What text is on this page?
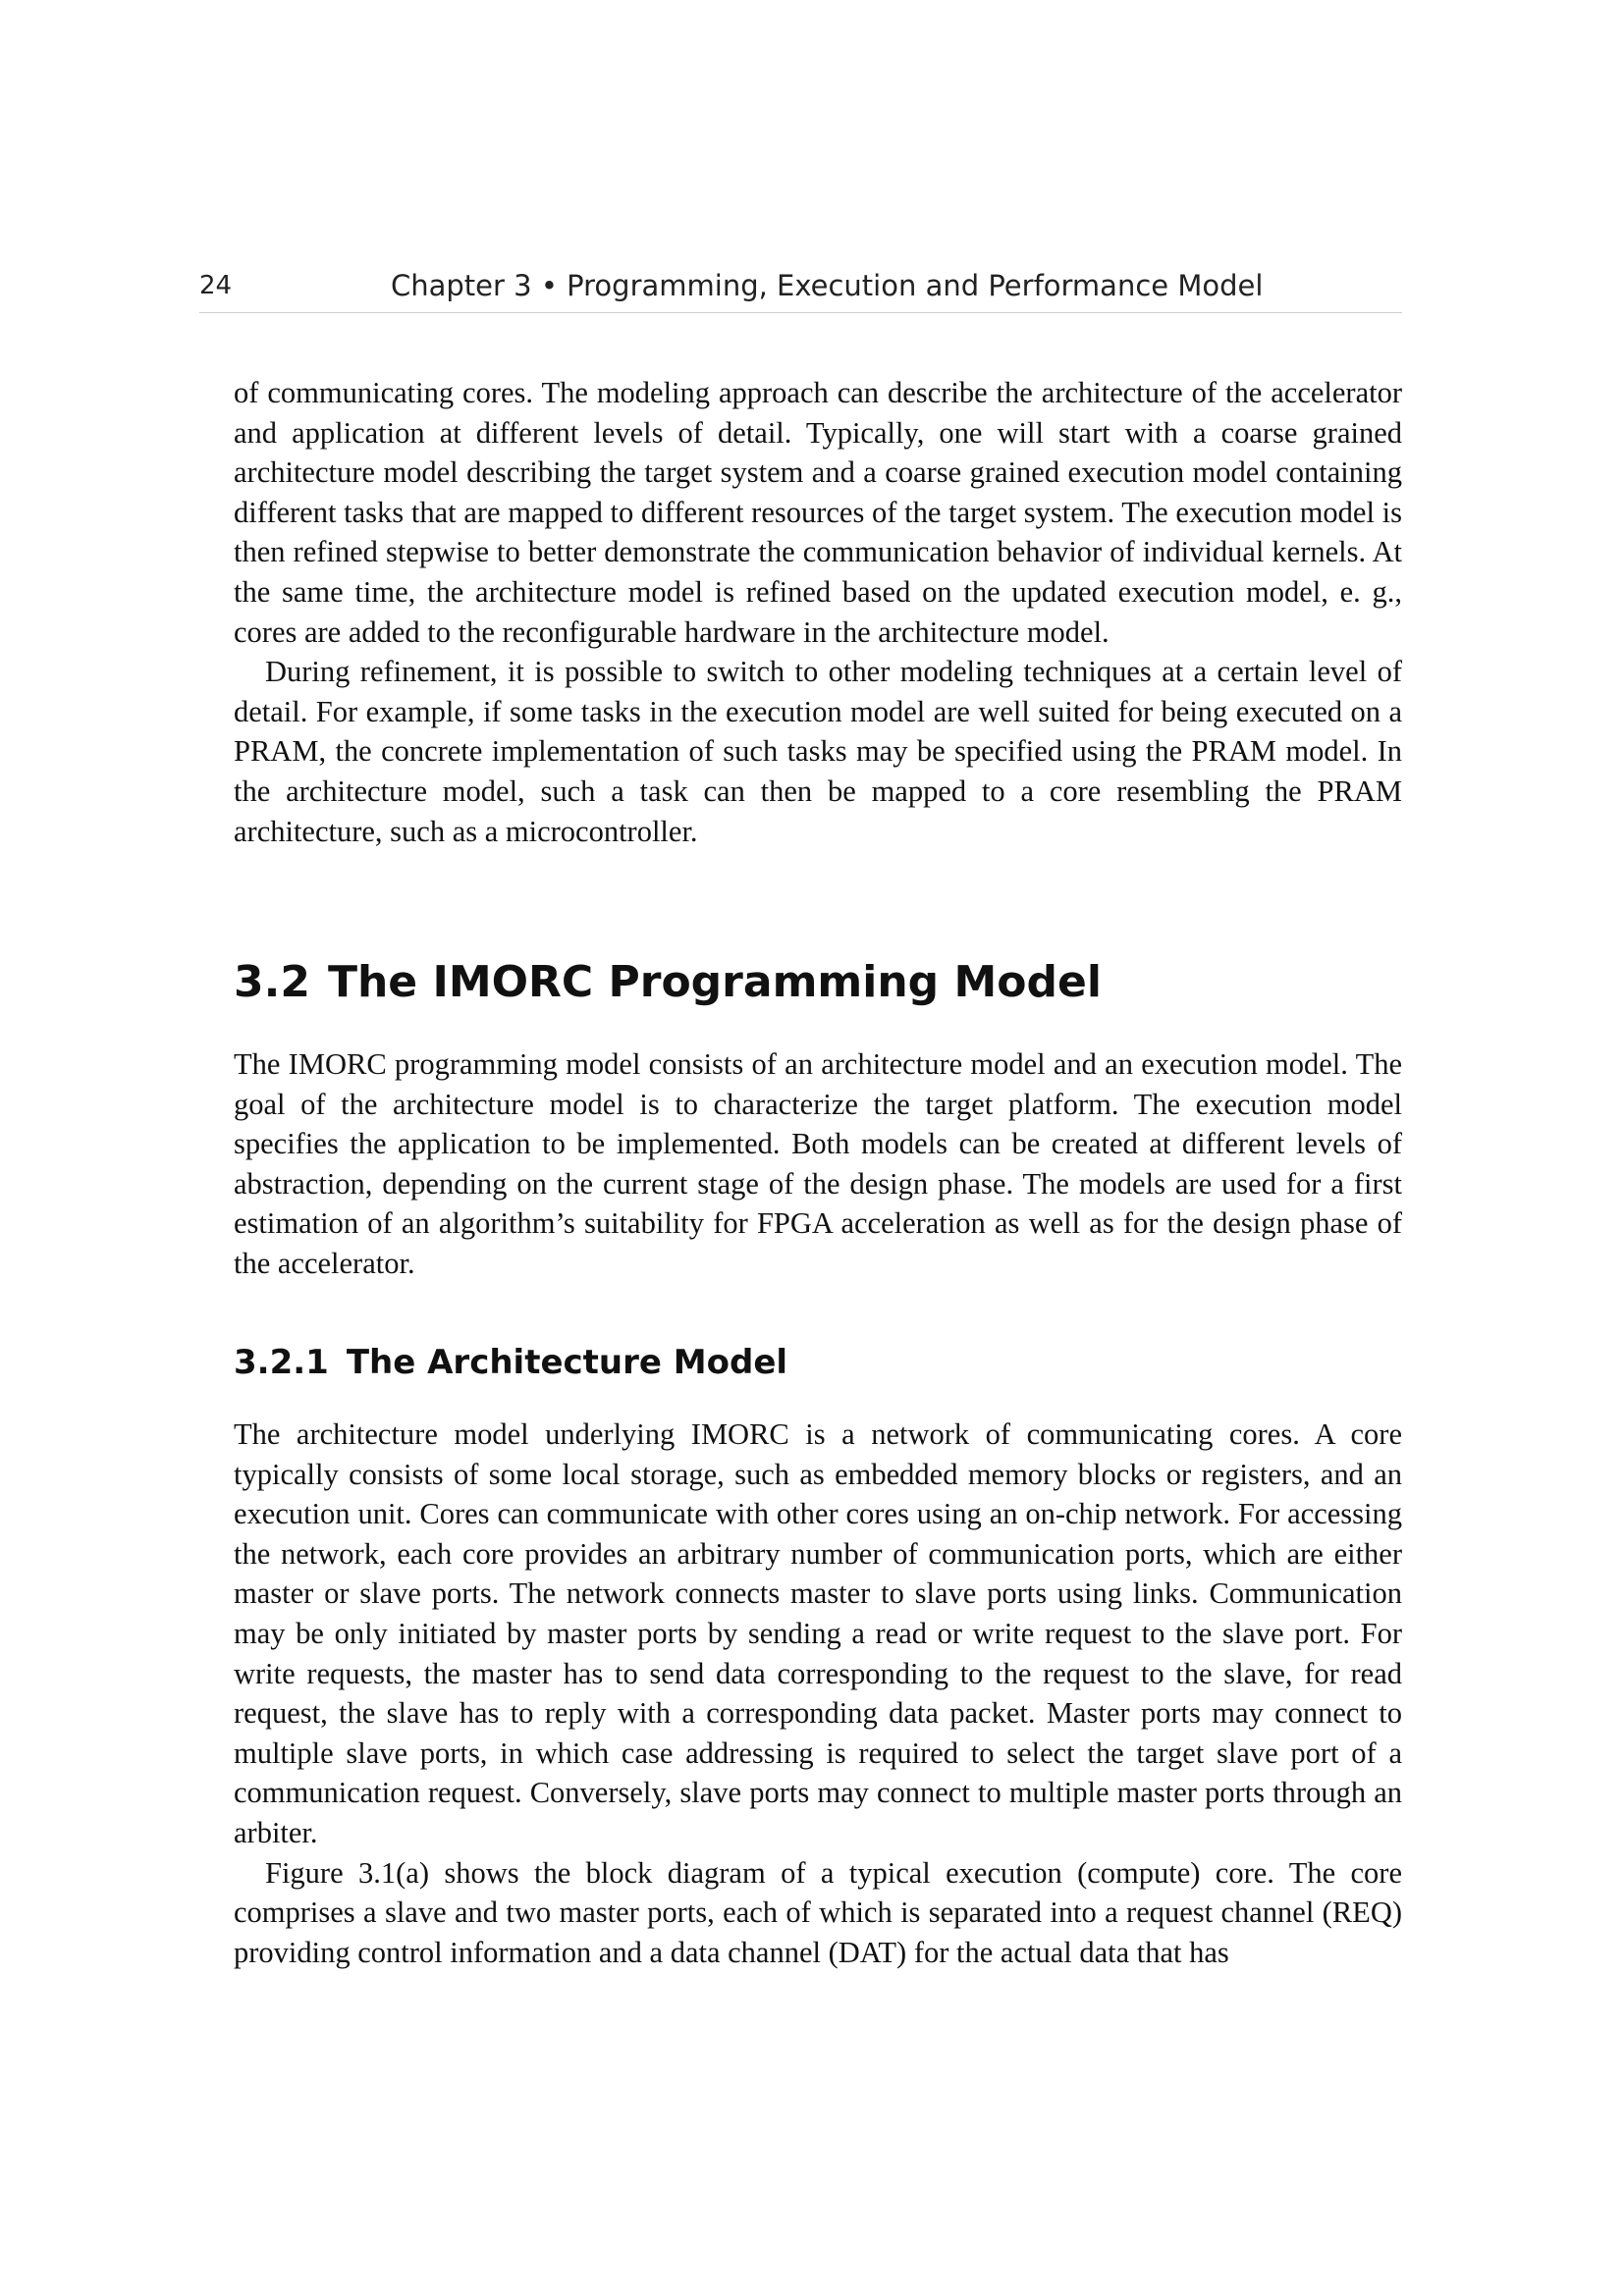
24	Chapter 3 • Programming, Execution and Performance Model

of communicating cores. The modeling approach can describe the architecture of the accelerator and application at different levels of detail. Typically, one will start with a coarse grained architecture model describing the target system and a coarse grained execution model containing different tasks that are mapped to different resources of the target system. The execution model is then refined stepwise to better demonstrate the communication behavior of individual kernels. At the same time, the architecture model is refined based on the updated execution model, e. g., cores are added to the reconfigurable hardware in the architecture model.

During refinement, it is possible to switch to other modeling techniques at a certain level of detail. For example, if some tasks in the execution model are well suited for being executed on a PRAM, the concrete implementation of such tasks may be specified using the PRAM model. In the architecture model, such a task can then be mapped to a core resembling the PRAM architecture, such as a microcontroller.

3.2 The IMORC Programming Model

The IMORC programming model consists of an architecture model and an execution model. The goal of the architecture model is to characterize the target platform. The execution model specifies the application to be implemented. Both models can be created at different levels of abstraction, depending on the current stage of the design phase. The models are used for a first estimation of an algorithm’s suitability for FPGA acceleration as well as for the design phase of the accelerator.

3.2.1 The Architecture Model

The architecture model underlying IMORC is a network of communicating cores. A core typically consists of some local storage, such as embedded memory blocks or registers, and an execution unit. Cores can communicate with other cores using an on-chip network. For accessing the network, each core provides an arbitrary number of communication ports, which are either master or slave ports. The network connects master to slave ports using links. Communication may be only initiated by master ports by sending a read or write request to the slave port. For write requests, the master has to send data corresponding to the request to the slave, for read request, the slave has to reply with a corresponding data packet. Master ports may connect to multiple slave ports, in which case addressing is required to select the target slave port of a communication request. Conversely, slave ports may connect to multiple master ports through an arbiter.

Figure 3.1(a) shows the block diagram of a typical execution (compute) core. The core comprises a slave and two master ports, each of which is separated into a request channel (REQ) providing control information and a data channel (DAT) for the actual data that has
